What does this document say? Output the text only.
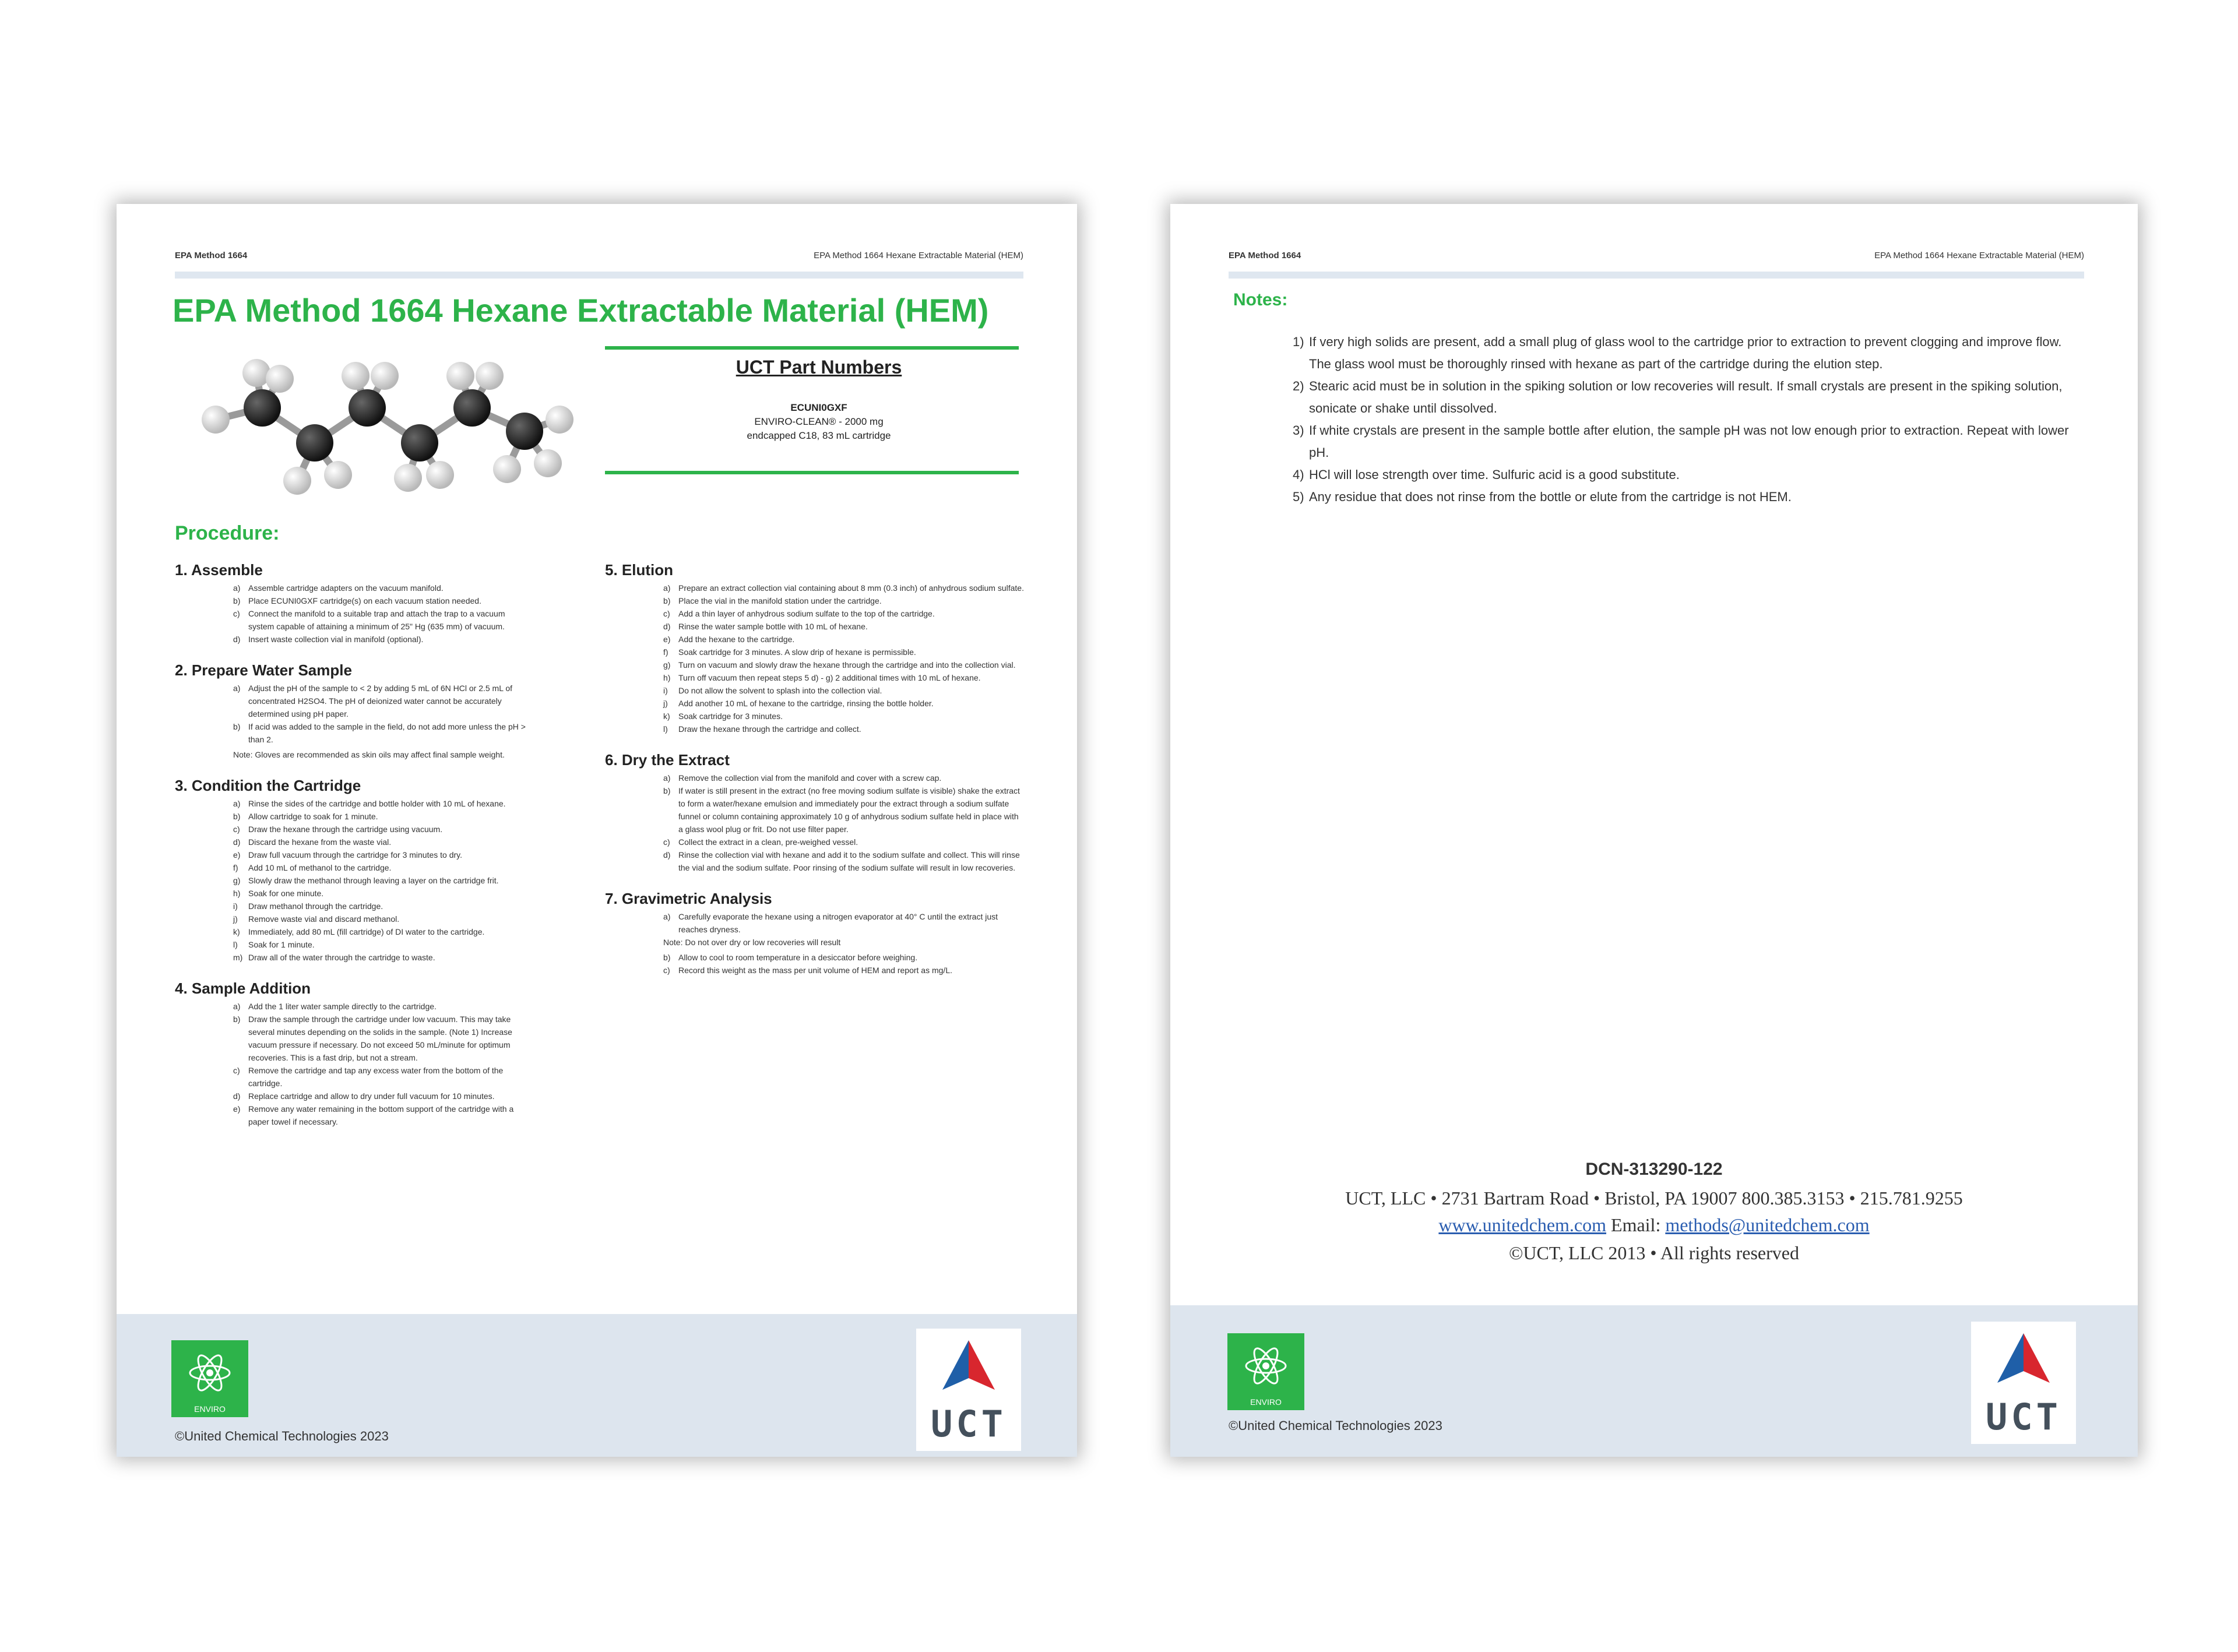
EPA Method 1664	EPA Method 1664 Hexane Extractable Material (HEM)
EPA Method 1664 Hexane Extractable Material (HEM)
UCT Part Numbers
ECUNI0GXF
ENVIRO-CLEAN® - 2000 mg
endcapped C18, 83 mL cartridge
Procedure:
1. Assemble
a) Assemble cartridge adapters on the vacuum manifold.
b) Place ECUNI0GXF cartridge(s) on each vacuum station needed.
c) Connect the manifold to a suitable trap and attach the trap to a vacuum system capable of attaining a minimum of 25" Hg (635 mm) of vacuum.
d) Insert waste collection vial in manifold (optional).
2. Prepare Water Sample
a) Adjust the pH of the sample to < 2 by adding 5 mL of 6N HCl or 2.5 mL of concentrated H2SO4. The pH of deionized water cannot be accurately determined using pH paper.
b) If acid was added to the sample in the field, do not add more unless the pH > than 2.
Note: Gloves are recommended as skin oils may affect final sample weight.
3. Condition the Cartridge
a) Rinse the sides of the cartridge and bottle holder with 10 mL of hexane.
b) Allow cartridge to soak for 1 minute.
c) Draw the hexane through the cartridge using vacuum.
d) Discard the hexane from the waste vial.
e) Draw full vacuum through the cartridge for 3 minutes to dry.
f) Add 10 mL of methanol to the cartridge.
g) Slowly draw the methanol through leaving a layer on the cartridge frit.
h) Soak for one minute.
i) Draw methanol through the cartridge.
j) Remove waste vial and discard methanol.
k) Immediately, add 80 mL (fill cartridge) of DI water to the cartridge.
l) Soak for 1 minute.
m) Draw all of the water through the cartridge to waste.
4. Sample Addition
a) Add the 1 liter water sample directly to the cartridge.
b) Draw the sample through the cartridge under low vacuum. This may take several minutes depending on the solids in the sample. (Note 1) Increase vacuum pressure if necessary. Do not exceed 50 mL/minute for optimum recoveries. This is a fast drip, but not a stream.
c) Remove the cartridge and tap any excess water from the bottom of the cartridge.
d) Replace cartridge and allow to dry under full vacuum for 10 minutes.
e) Remove any water remaining in the bottom support of the cartridge with a paper towel if necessary.
5. Elution
a) Prepare an extract collection vial containing about 8 mm (0.3 inch) of anhydrous sodium sulfate.
b) Place the vial in the manifold station under the cartridge.
c) Add a thin layer of anhydrous sodium sulfate to the top of the cartridge.
d) Rinse the water sample bottle with 10 mL of hexane.
e) Add the hexane to the cartridge.
f) Soak cartridge for 3 minutes. A slow drip of hexane is permissible.
g) Turn on vacuum and slowly draw the hexane through the cartridge and into the collection vial.
h) Turn off vacuum then repeat steps 5 d) - g) 2 additional times with 10 mL of hexane.
i) Do not allow the solvent to splash into the collection vial.
j) Add another 10 mL of hexane to the cartridge, rinsing the bottle holder.
k) Soak cartridge for 3 minutes.
l) Draw the hexane through the cartridge and collect.
6. Dry the Extract
a) Remove the collection vial from the manifold and cover with a screw cap.
b) If water is still present in the extract (no free moving sodium sulfate is visible) shake the extract to form a water/hexane emulsion and immediately pour the extract through a sodium sulfate funnel or column containing approximately 10 g of anhydrous sodium sulfate held in place with a glass wool plug or frit. Do not use filter paper.
c) Collect the extract in a clean, pre-weighed vessel.
d) Rinse the collection vial with hexane and add it to the sodium sulfate and collect. This will rinse the vial and the sodium sulfate. Poor rinsing of the sodium sulfate will result in low recoveries.
7. Gravimetric Analysis
a) Carefully evaporate the hexane using a nitrogen evaporator at 40° C until the extract just reaches dryness.
Note: Do not over dry or low recoveries will result
b) Allow to cool to room temperature in a desiccator before weighing.
c) Record this weight as the mass per unit volume of HEM and report as mg/L.
ENVIRO
©United Chemical Technologies 2023	UCT
EPA Method 1664	EPA Method 1664 Hexane Extractable Material (HEM)
Notes:
1) If very high solids are present, add a small plug of glass wool to the cartridge prior to extraction to prevent clogging and improve flow. The glass wool must be thoroughly rinsed with hexane as part of the cartridge during the elution step.
2) Stearic acid must be in solution in the spiking solution or low recoveries will result. If small crystals are present in the spiking solution, sonicate or shake until dissolved.
3) If white crystals are present in the sample bottle after elution, the sample pH was not low enough prior to extraction. Repeat with lower pH.
4) HCl will lose strength over time. Sulfuric acid is a good substitute.
5) Any residue that does not rinse from the bottle or elute from the cartridge is not HEM.
DCN-313290-122
UCT, LLC • 2731 Bartram Road • Bristol, PA 19007 800.385.3153 • 215.781.9255
www.unitedchem.com Email: methods@unitedchem.com
©UCT, LLC 2013 • All rights reserved
ENVIRO
©United Chemical Technologies 2023	UCT
